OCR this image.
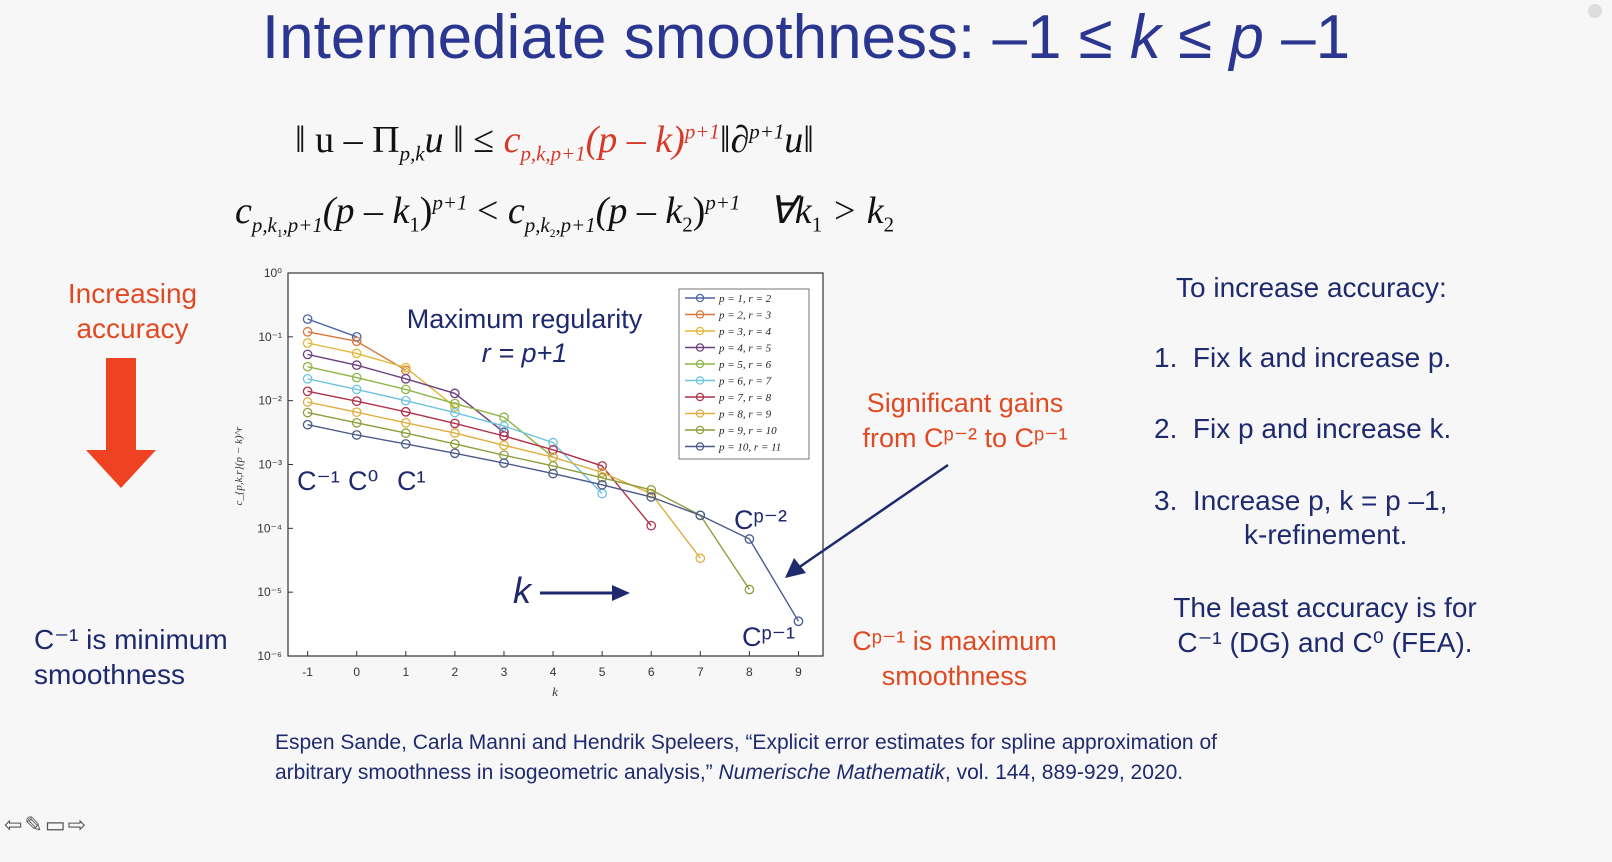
Intermediate smoothness: –1 ≤ k ≤ p –1
‖ u – $\Pi_{p,k}u$ ‖ ≤ $c_{p,k,p+1}(p$ – k)$^{p+1}$‖∂$^{p+1}$u‖
$c_{p,k_1,p+1}(p - k_1)^{p+1} < c_{p,k_2,p+1}(p - k_2)^{p+1}$ $\forall k_1 > k_2$
Increasing
accuracy
C⁻¹ is minimum
smoothness	-1	0	1	2	3	4	5	6	7	8	9
10⁰
10⁻¹
10⁻²
10⁻³
10⁻⁴
10⁻⁵
10⁻⁶
k
c_{p,k,r}(p − k)^r
p = 1, r = 2
p = 2, r = 3
p = 3, r = 4
p = 4, r = 5
p = 5, r = 6
p = 6, r = 7
p = 7, r = 8
p = 8, r = 9
p = 9, r = 10
p = 10, r = 11
Maximum regularity
r = p+1
C⁻¹ C⁰ C¹
Cᵖ⁻²
Cᵖ⁻¹
k
Significant gains
from Cᵖ⁻² to Cᵖ⁻¹
Cᵖ⁻¹ is maximum
smoothness
To increase accuracy:
1. Fix k and increase p.
2. Fix p and increase k.
3. Increase p, k = p –1,
k-refinement.
The least accuracy is for
C⁻¹ (DG) and C⁰ (FEA).
Espen Sande, Carla Manni and Hendrik Speleers, “Explicit error estimates for spline approximation of
arbitrary smoothness in isogeometric analysis,” Numerische Mathematik, vol. 144, 889-929, 2020.
⇦✎▭⇨
